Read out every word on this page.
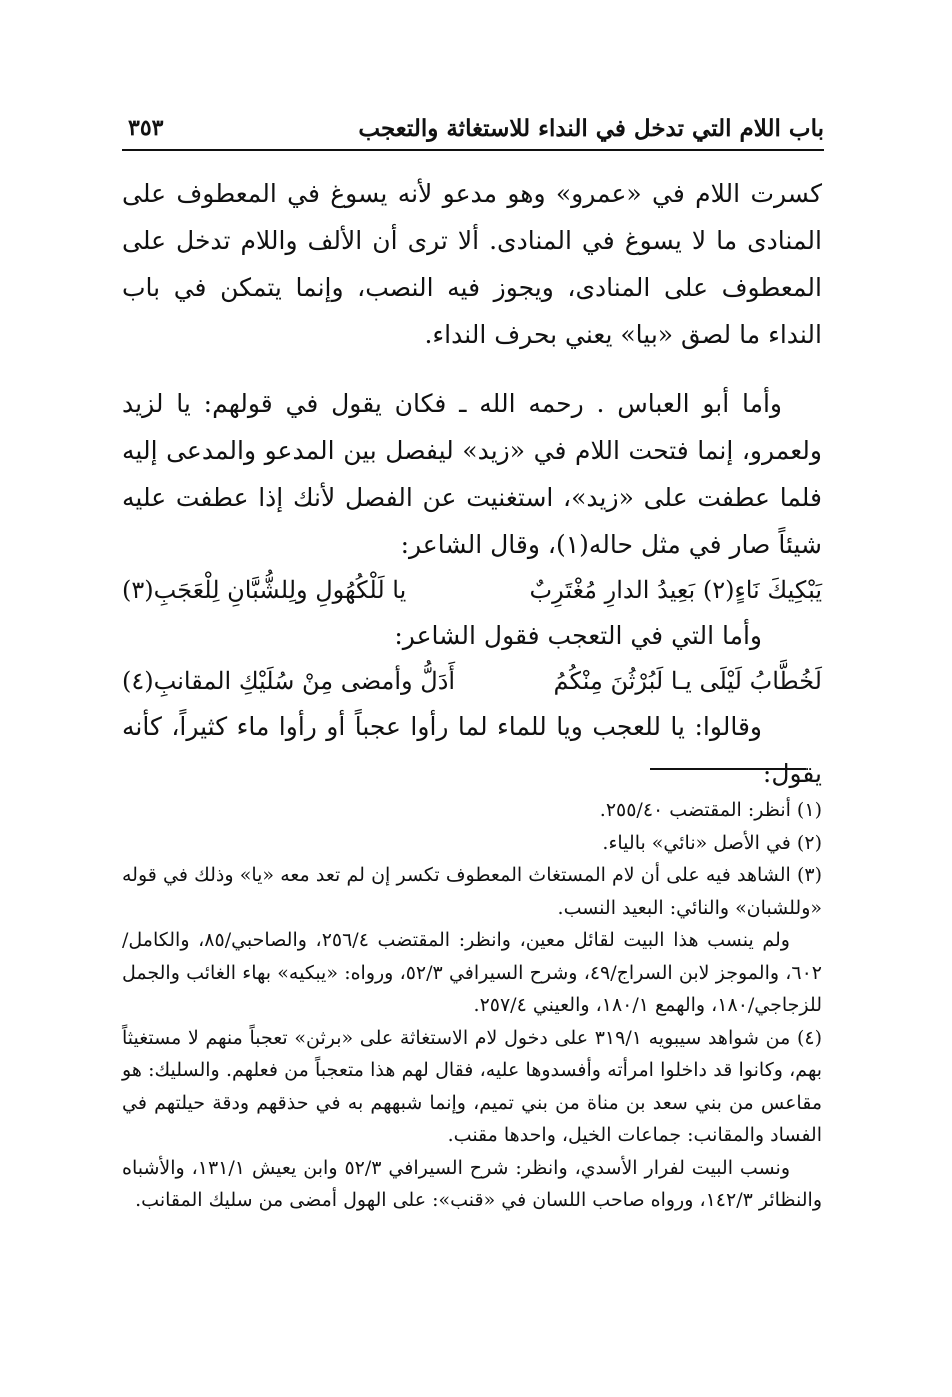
باب اللام التي تدخل في النداء للاستغاثة والتعجب
٣٥٣

كسرت اللام في «عمرو» وهو مدعو لأنه يسوغ في المعطوف على المنادى ما لا يسوغ في المنادى. ألا ترى أن الألف واللام تدخل على المعطوف على المنادى، ويجوز فيه النصب، وإنما يتمكن في باب النداء ما لصق «بيا» يعني بحرف النداء.

وأما أبو العباس . رحمه الله ـ فكان يقول في قولهم: يا لزيد ولعمرو، إنما فتحت اللام في «زيد» ليفصل بين المدعو والمدعى إليه فلما عطفت على «زيد»، استغنيت عن الفصل لأنك إذا عطفت عليه شيئاً صار في مثل حاله(١)، وقال الشاعر:

يَبْكِيكَ نَاءٍ(٢) بَعِيدُ الدارِ مُغْتَرِبٌ
يا لَلْكُهُولِ ولِلشُّبَّانِ لِلْعَجَبِ(٣)

وأما التي في التعجب فقول الشاعر:

لَخُطَّابُ لَيْلَى يـا لَبُرْثُنَ مِنْكُمُ
أَدَلُّ وأمضى مِنْ سُلَيْكِ المقانبِ(٤)

وقالوا: يا للعجب ويا للماء لما رأوا عجباً أو رأوا ماء كثيراً، كأنه يقول:

(١) أنظر: المقتضب ٢٥٥/٤٠.

(٢) في الأصل «نائي» بالياء.

(٣) الشاهد فيه على أن لام المستغاث المعطوف تكسر إن لم تعد معه «يا» وذلك في قوله «وللشبان» والنائي: البعيد النسب.

ولم ينسب هذا البيت لقائل معين، وانظر: المقتضب ٢٥٦/٤، والصاحبي/٨٥، والكامل/٦٠٢، والموجز لابن السراج/٤٩، وشرح السيرافي ٥٢/٣، ورواه: «يبكيه» بهاء الغائب والجمل للزجاجي/١٨٠، والهمع ١٨٠/١، والعيني ٢٥٧/٤.

(٤) من شواهد سيبويه ٣١٩/١ على دخول لام الاستغاثة على «برثن» تعجباً منهم لا مستغيثاً بهم، وكانوا قد داخلوا امرأته وأفسدوها عليه، فقال لهم هذا متعجباً من فعلهم. والسليك: هو مقاعس من بني سعد بن مناة من بني تميم، وإنما شبههم به في حذقهم ودقة حيلتهم في الفساد والمقانب: جماعات الخيل، واحدها مقنب.

ونسب البيت لفرار الأسدي، وانظر: شرح السيرافي ٥٢/٣ وابن يعيش ١٣١/١، والأشباه والنظائر ١٤٢/٣، ورواه صاحب اللسان في «قنب»: على الهول أمضى من سليك المقانب.
